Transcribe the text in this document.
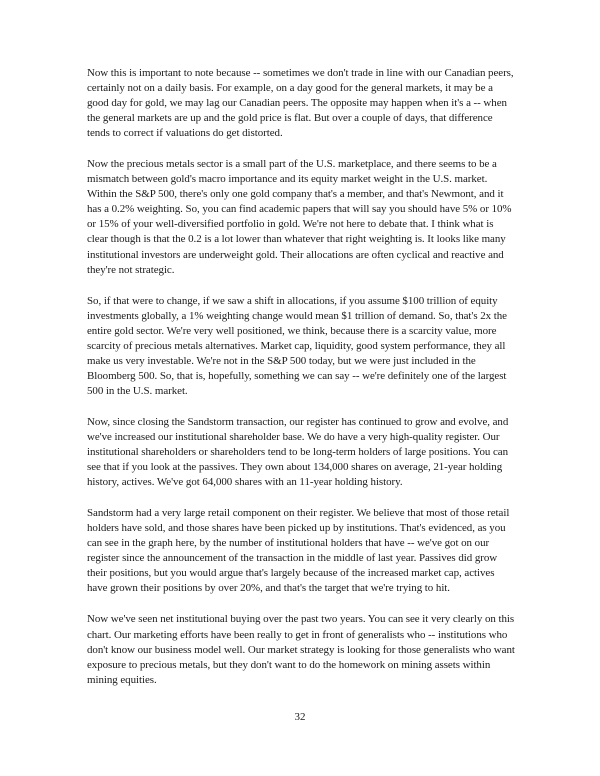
Now this is important to note because -- sometimes we don't trade in line with our Canadian peers, certainly not on a daily basis. For example, on a day good for the general markets, it may be a good day for gold, we may lag our Canadian peers. The opposite may happen when it's a -- when the general markets are up and the gold price is flat. But over a couple of days, that difference tends to correct if valuations do get distorted.

Now the precious metals sector is a small part of the U.S. marketplace, and there seems to be a mismatch between gold's macro importance and its equity market weight in the U.S. market. Within the S&P 500, there's only one gold company that's a member, and that's Newmont, and it has a 0.2% weighting. So, you can find academic papers that will say you should have 5% or 10% or 15% of your well-diversified portfolio in gold. We're not here to debate that. I think what is clear though is that the 0.2 is a lot lower than whatever that right weighting is. It looks like many institutional investors are underweight gold. Their allocations are often cyclical and reactive and they're not strategic.

So, if that were to change, if we saw a shift in allocations, if you assume $100 trillion of equity investments globally, a 1% weighting change would mean $1 trillion of demand. So, that's 2x the entire gold sector. We're very well positioned, we think, because there is a scarcity value, more scarcity of precious metals alternatives. Market cap, liquidity, good system performance, they all make us very investable. We're not in the S&P 500 today, but we were just included in the Bloomberg 500. So, that is, hopefully, something we can say -- we're definitely one of the largest 500 in the U.S. market.

Now, since closing the Sandstorm transaction, our register has continued to grow and evolve, and we've increased our institutional shareholder base. We do have a very high-quality register. Our institutional shareholders or shareholders tend to be long-term holders of large positions. You can see that if you look at the passives. They own about 134,000 shares on average, 21-year holding history, actives. We've got 64,000 shares with an 11-year holding history.

Sandstorm had a very large retail component on their register. We believe that most of those retail holders have sold, and those shares have been picked up by institutions. That's evidenced, as you can see in the graph here, by the number of institutional holders that have -- we've got on our register since the announcement of the transaction in the middle of last year. Passives did grow their positions, but you would argue that's largely because of the increased market cap, actives have grown their positions by over 20%, and that's the target that we're trying to hit.

Now we've seen net institutional buying over the past two years. You can see it very clearly on this chart. Our marketing efforts have been really to get in front of generalists who -- institutions who don't know our business model well. Our market strategy is looking for those generalists who want exposure to precious metals, but they don't want to do the homework on mining assets within mining equities.

32
